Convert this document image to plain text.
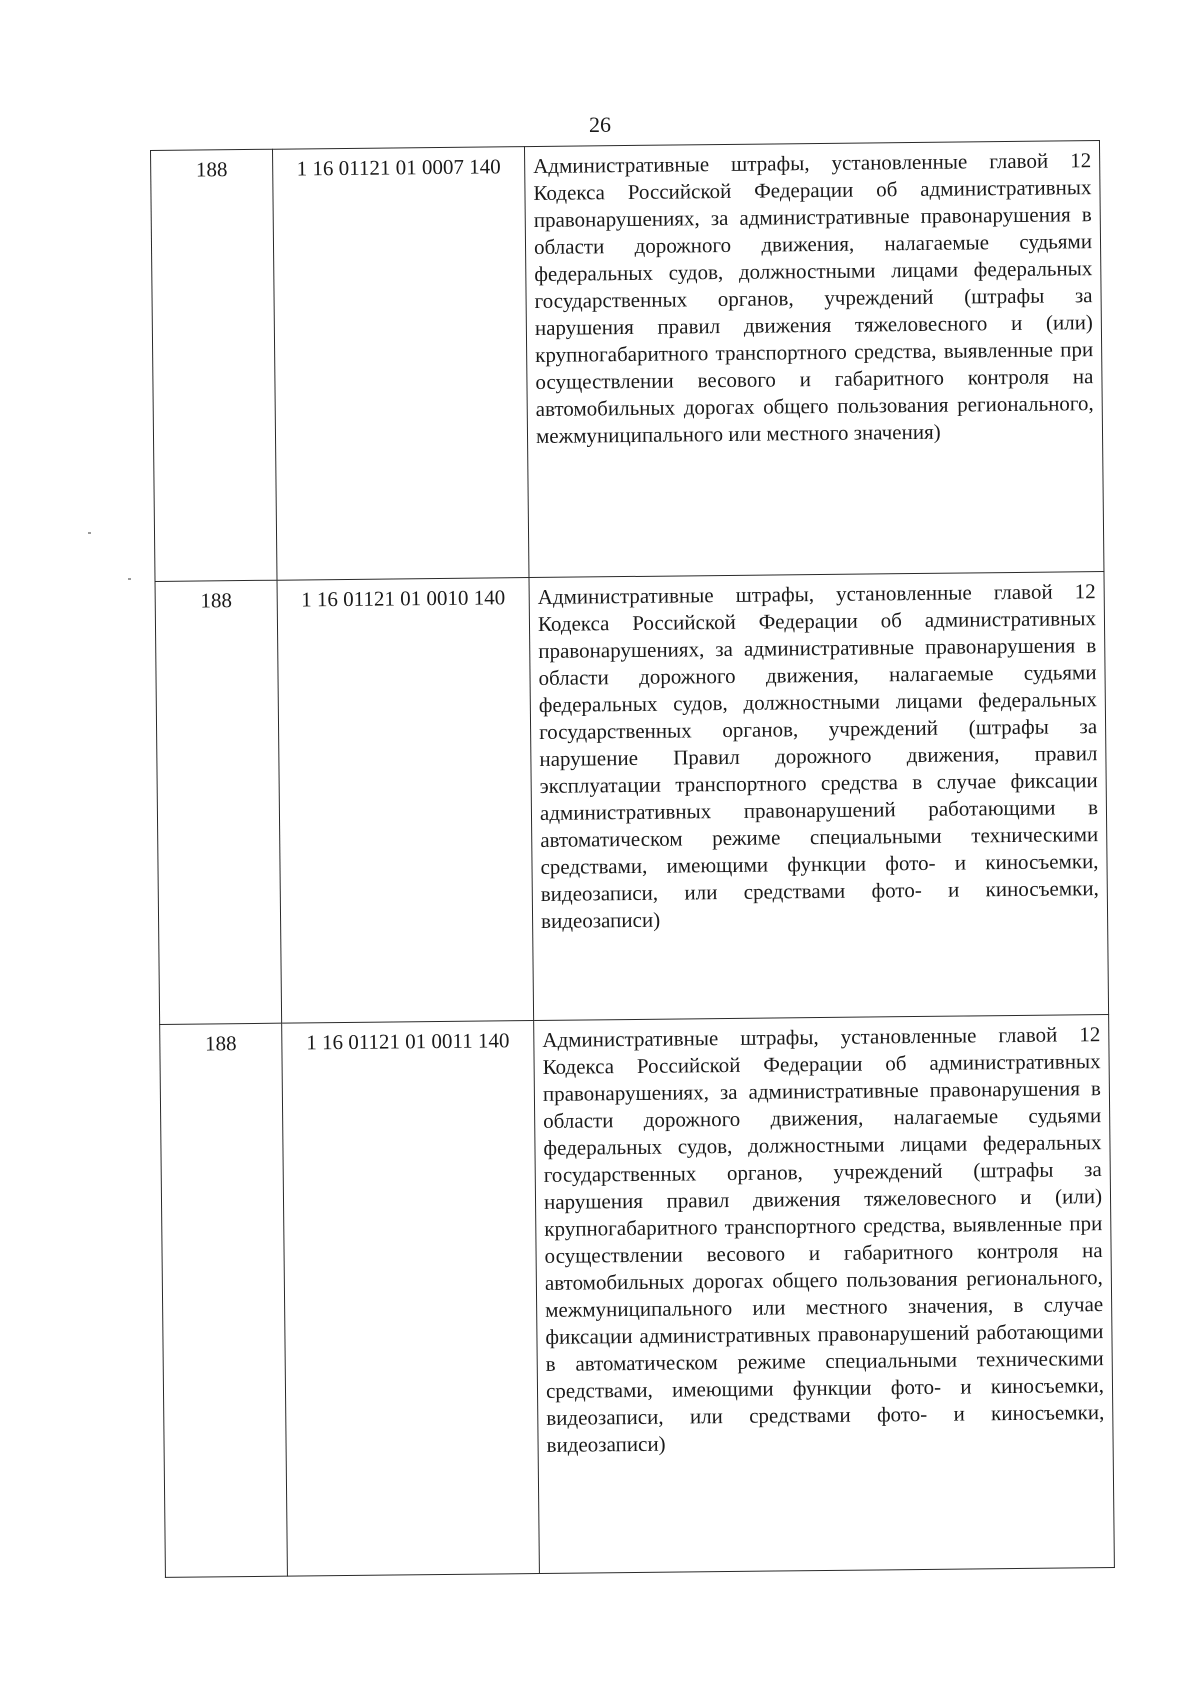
26
188	1 16 01121 01 0007 140	Административные штрафы, установленные главой 12 Кодекса Российской Федерации об административных правонарушениях, за административные правонарушения в области дорожного движения, налагаемые судьями федеральных судов, должностными лицами федеральных государственных органов, учреждений (штрафы за нарушения правил движения тяжеловесного и (или) крупногабаритного транспортного средства, выявленные при осуществлении весового и габаритного контроля на автомобильных дорогах общего пользования регионального, межмуниципального или местного значения)
188	1 16 01121 01 0010 140	Административные штрафы, установленные главой 12 Кодекса Российской Федерации об административных правонарушениях, за административные правонарушения в области дорожного движения, налагаемые судьями федеральных судов, должностными лицами федеральных государственных органов, учреждений (штрафы за нарушение Правил дорожного движения, правил эксплуатации транспортного средства в случае фиксации административных правонарушений работающими в автоматическом режиме специальными техническими средствами, имеющими функции фото- и киносъемки, видеозаписи, или средствами фото- и киносъемки, видеозаписи)
188	1 16 01121 01 0011 140	Административные штрафы, установленные главой 12 Кодекса Российской Федерации об административных правонарушениях, за административные правонарушения в области дорожного движения, налагаемые судьями федеральных судов, должностными лицами федеральных государственных органов, учреждений (штрафы за нарушения правил движения тяжеловесного и (или) крупногабаритного транспортного средства, выявленные при осуществлении весового и габаритного контроля на автомобильных дорогах общего пользования регионального, межмуниципального или местного значения, в случае фиксации административных правонарушений работающими в автоматическом режиме специальными техническими средствами, имеющими функции фото- и киносъемки, видеозаписи, или средствами фото- и киносъемки, видеозаписи)
